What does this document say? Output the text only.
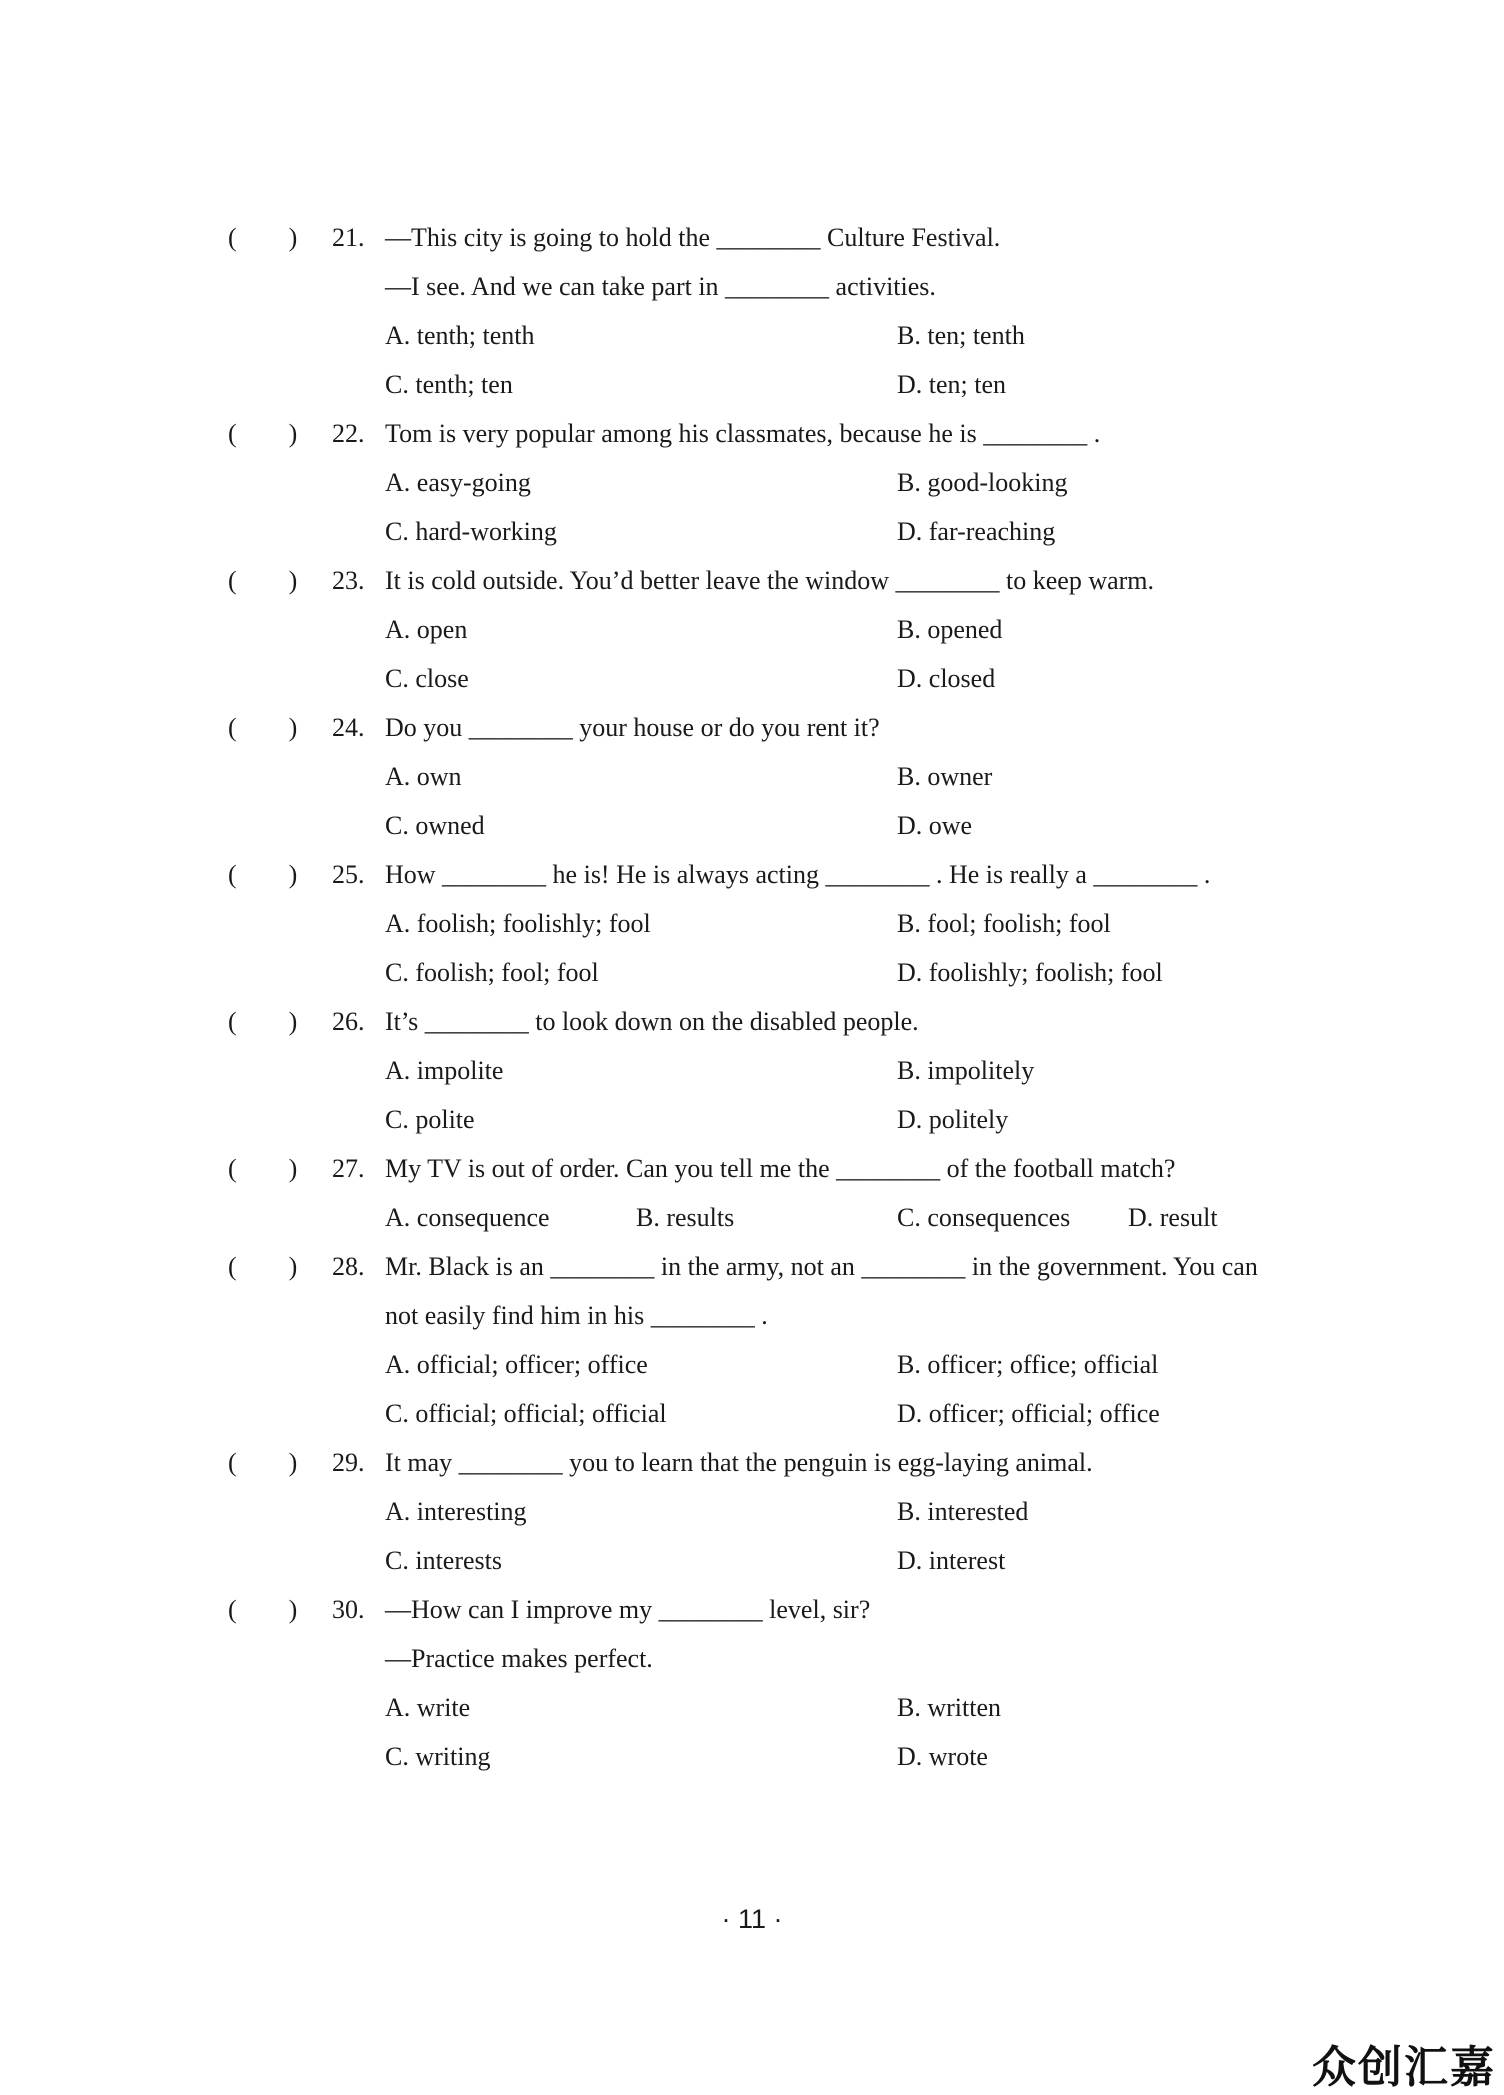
(        ) 21. —This city is going to hold the ________ Culture Festival.
—I see. And we can take part in ________ activities.
A. tenth; tenth	B. ten; tenth
C. tenth; ten	D. ten; ten
(        ) 22. Tom is very popular among his classmates, because he is ________ .
A. easy-going	B. good-looking
C. hard-working	D. far-reaching
(        ) 23. It is cold outside. You’d better leave the window ________ to keep warm.
A. open	B. opened
C. close	D. closed
(        ) 24. Do you ________ your house or do you rent it?
A. own	B. owner
C. owned	D. owe
(        ) 25. How ________ he is! He is always acting ________ . He is really a ________ .
A. foolish; foolishly; fool	B. fool; foolish; fool
C. foolish; fool; fool	D. foolishly; foolish; fool
(        ) 26. It’s ________ to look down on the disabled people.
A. impolite	B. impolitely
C. polite	D. politely
(        ) 27. My TV is out of order. Can you tell me the ________ of the football match?
A. consequence	B. results	C. consequences D. result
(        ) 28. Mr. Black is an ________ in the army, not an ________ in the government. You can
not easily find him in his ________ .
A. official; officer; office	B. officer; office; official
C. official; official; official	D. officer; official; office
(        ) 29. It may ________ you to learn that the penguin is egg-laying animal.
A. interesting	B. interested
C. interests	D. interest
(        ) 30. —How can I improve my ________ level, sir?
—Practice makes perfect.
A. write	B. written
C. writing	D. wrote
· 11 ·
众创汇嘉
